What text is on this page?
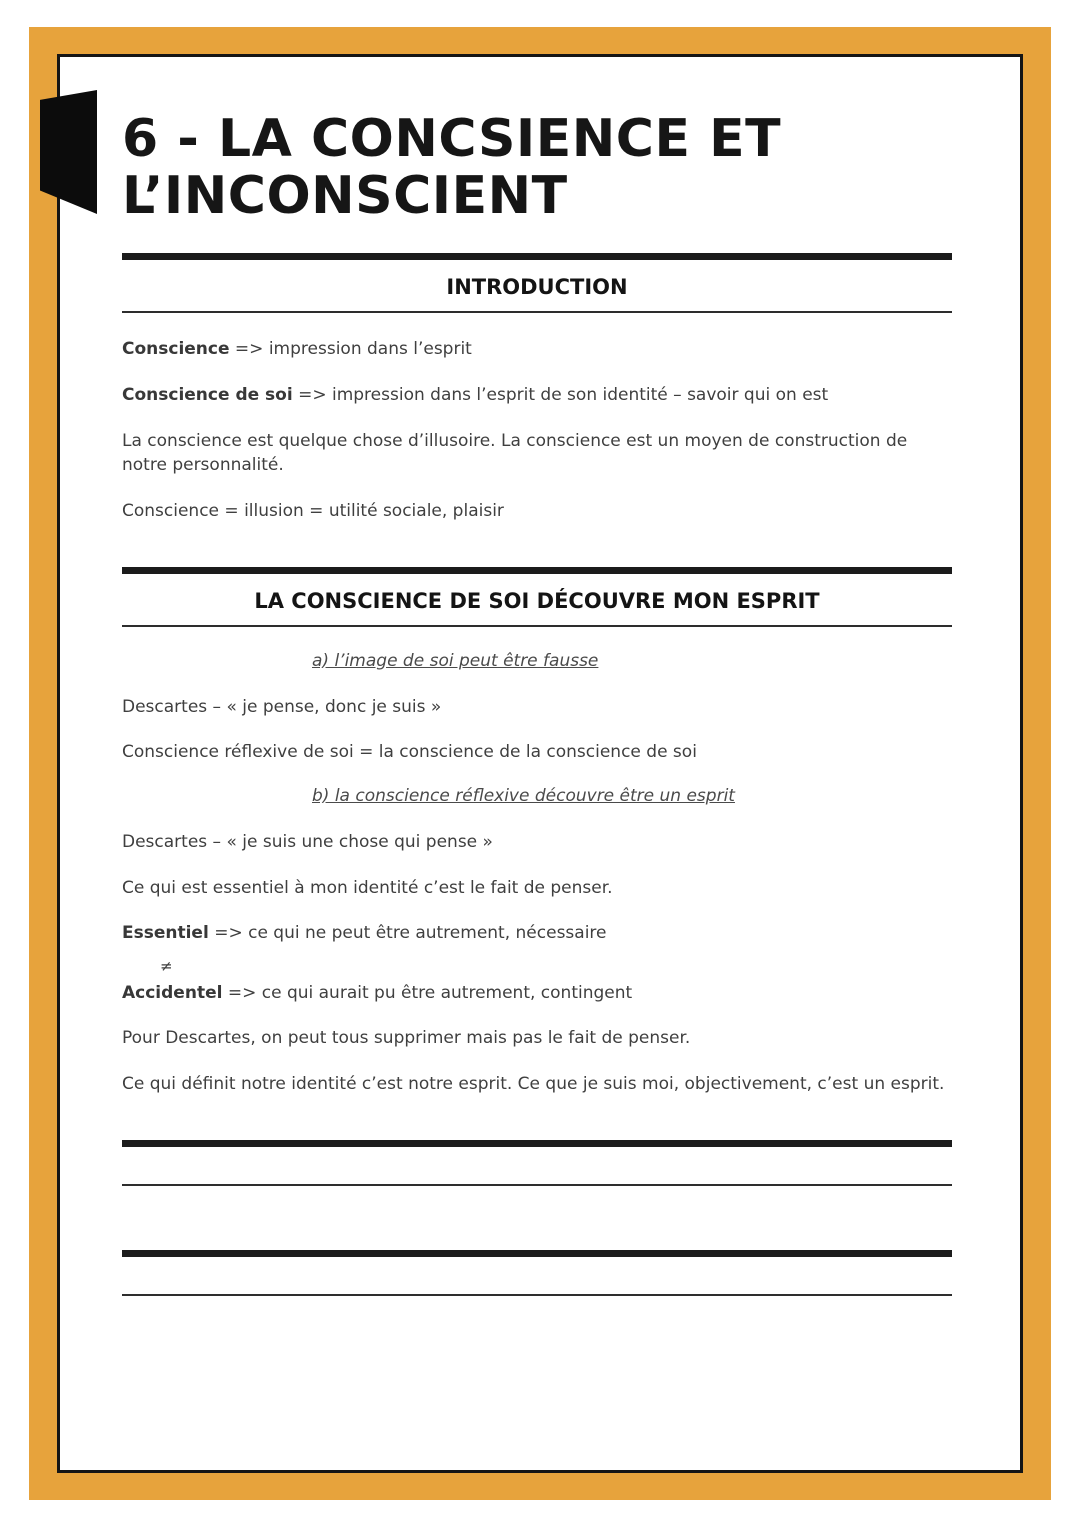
6 - LA CONCSIENCE ET L’INCONSCIENT
INTRODUCTION

Conscience => impression dans l’esprit

Conscience de soi => impression dans l’esprit de son identité – savoir qui on est

La conscience est quelque chose d’illusoire. La conscience est un moyen de construction de notre personnalité.

Conscience = illusion = utilité sociale, plaisir

LA CONSCIENCE DE SOI DÉCOUVRE MON ESPRIT

a) l’image de soi peut être fausse

Descartes – « je pense, donc je suis »

Conscience réflexive de soi = la conscience de la conscience de soi

b) la conscience réflexive découvre être un esprit

Descartes – « je suis une chose qui pense »

Ce qui est essentiel à mon identité c’est le fait de penser.

Essentiel => ce qui ne peut être autrement, nécessaire

≠

Accidentel => ce qui aurait pu être autrement, contingent

Pour Descartes, on peut tous supprimer mais pas le fait de penser.

Ce qui définit notre identité c’est notre esprit. Ce que je suis moi, objectivement, c’est un esprit.
